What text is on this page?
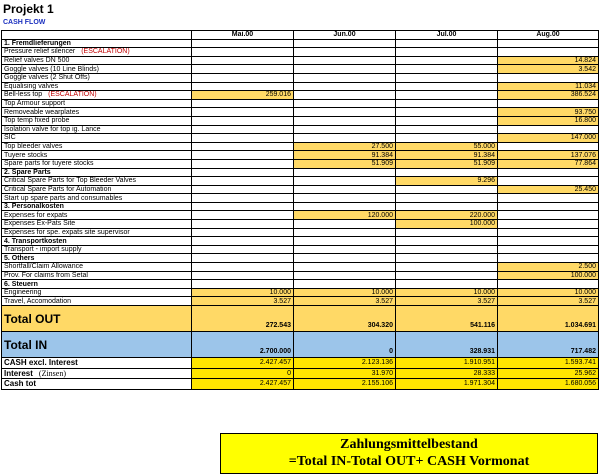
Projekt 1
CASH FLOW
	Mai.00	Jun.00	Jul.00	Aug.00
1. Fremdlieferungen				
Pressure relief silencer (ESCALATION)				
Relief valves DN 500				14.824
Goggle valves (10 Line Blinds)				3.542
Goggle valves (2 Shut Offs)				
Equalising valves				11.034
Bell-less top (ESCALATION)	259.016			386.524
Top Armour support				
Removeable wearplates				93.750
Top temp fixed probe				16.800
Isolation valve for top ig. Lance				
SIC				147.000
Top bleeder valves		27.500	55.000	
Tuyere stocks		91.384	91.384	137.076
Spare parts for tuyere stocks		51.909	51.909	77.864
2. Spare Parts				
Critical Spare Parts for Top Bleeder Valves			9.296	
Critical Spare Parts for Automation				25.450
Start up spare parts and consumables				
3. Personalkosten				
Expenses for expats		120.000	220.000	
Expenses Ex-Pats Site			100.000	
Expenses for spe. expats site supervisor				
4. Transportkosten				
Transport - import supply				
5. Others				
Shortfall/Claim Allowance				2.500
Prov. For claims from Setal				100.000
6. Steuern				
Engineering	10.000	10.000	10.000	10.000
Travel, Accomodation	3.527	3.527	3.527	3.527
Total OUT	272.543	304.320	541.116	1.034.691
Total IN	2.700.000	0	328.931	717.482
CASH excl. Interest	2.427.457	2.123.136	1.910.951	1.593.741
Interest (Zinsen)	0	31.970	28.333	25.962
Cash tot	2.427.457	2.155.106	1.971.304	1.680.056
Zahlungsmittelbestand
=Total IN-Total OUT+ CASH Vormonat
